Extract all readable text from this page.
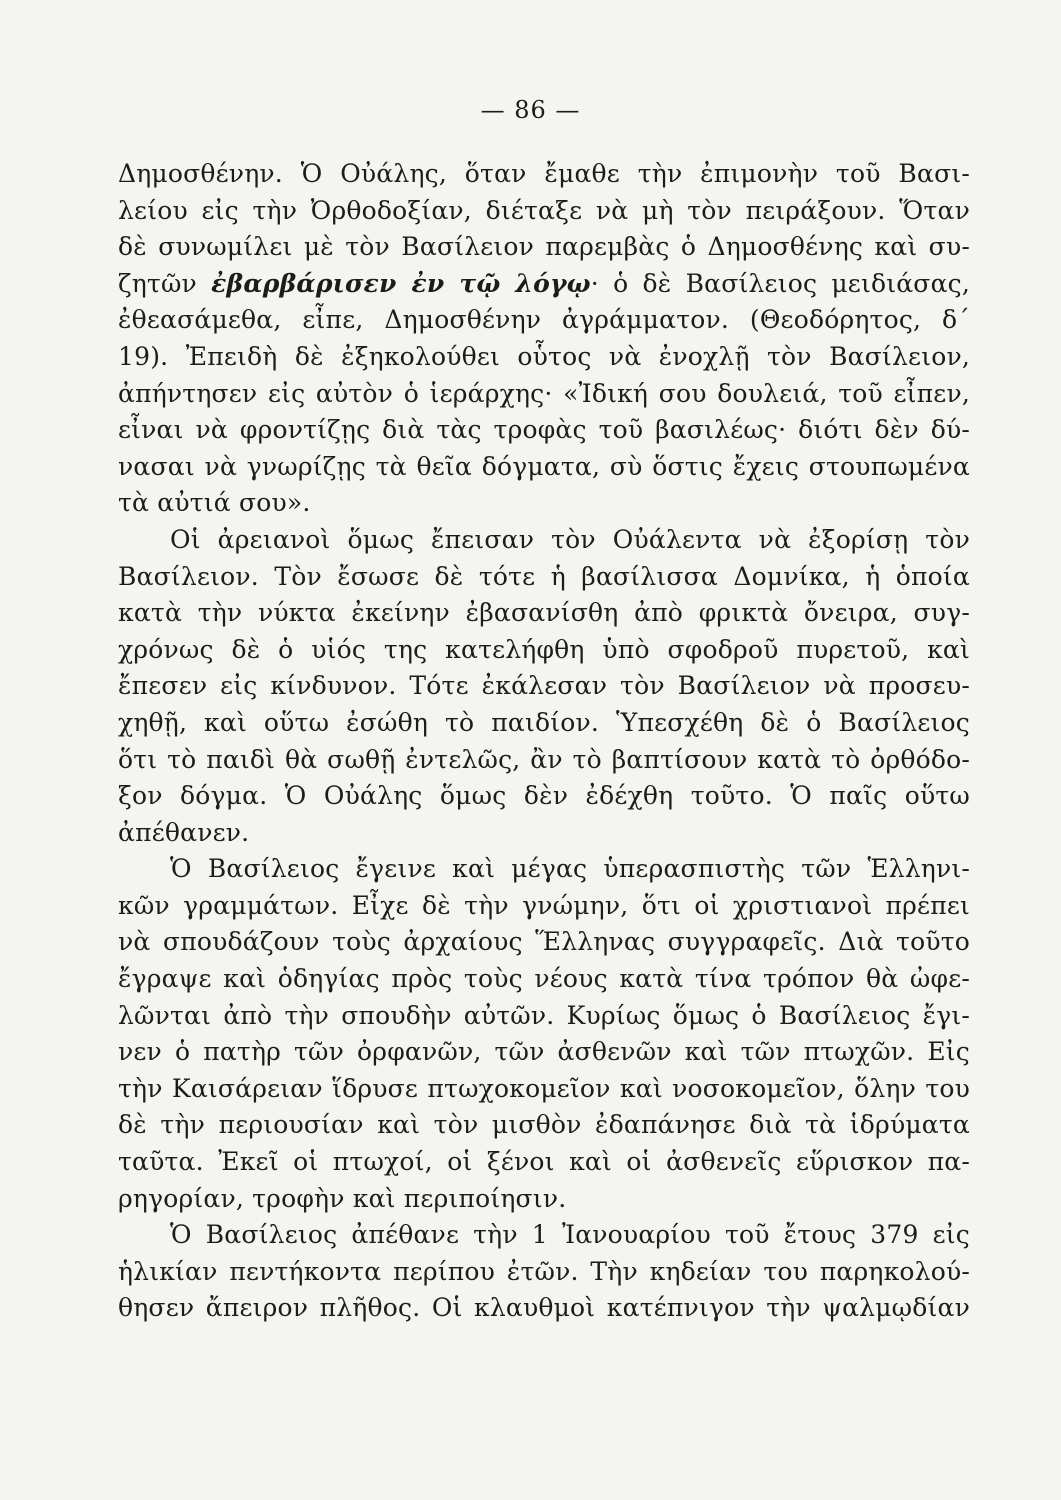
— 86 —
Δημοσθένην. Ὁ Οὐάλης, ὅταν ἔμαθε τὴν ἐπιμονὴν τοῦ Βασι-
λείου εἰς τὴν Ὀρθοδοξίαν, διέταξε νὰ μὴ τὸν πειράξουν. Ὅταν
δὲ συνωμίλει μὲ τὸν Βασίλειον παρεμβὰς ὁ Δημοσθένης καὶ συ-
ζητῶν ἐβαρβάρισεν ἐν τῷ λόγῳ· ὁ δὲ Βασίλειος μειδιάσας,
ἐθεασάμεθα, εἶπε, Δημοσθένην ἀγράμματον. (Θεοδόρητος, δ΄
19). Ἐπειδὴ δὲ ἐξηκολούθει οὗτος νὰ ἐνοχλῇ τὸν Βασίλειον,
ἀπήντησεν εἰς αὐτὸν ὁ ἱεράρχης· «Ἰδική σου δουλειά, τοῦ εἶπεν,
εἶναι νὰ φροντίζῃς διὰ τὰς τροφὰς τοῦ βασιλέως· διότι δὲν δύ-
νασαι νὰ γνωρίζῃς τὰ θεῖα δόγματα, σὺ ὅστις ἔχεις στουπωμένα
τὰ αὐτιά σου».
Οἱ ἀρειανοὶ ὅμως ἔπεισαν τὸν Οὐάλεντα νὰ ἐξορίσῃ τὸν
Βασίλειον. Τὸν ἔσωσε δὲ τότε ἡ βασίλισσα Δομνίκα, ἡ ὁποία
κατὰ τὴν νύκτα ἐκείνην ἐβασανίσθη ἀπὸ φρικτὰ ὄνειρα, συγ-
χρόνως δὲ ὁ υἱός της κατελήφθη ὑπὸ σφοδροῦ πυρετοῦ, καὶ
ἔπεσεν εἰς κίνδυνον. Τότε ἐκάλεσαν τὸν Βασίλειον νὰ προσευ-
χηθῇ, καὶ οὕτω ἐσώθη τὸ παιδίον. Ὑπεσχέθη δὲ ὁ Βασίλειος
ὅτι τὸ παιδὶ θὰ σωθῇ ἐντελῶς, ἂν τὸ βαπτίσουν κατὰ τὸ ὀρθόδο-
ξον δόγμα. Ὁ Οὐάλης ὅμως δὲν ἐδέχθη τοῦτο. Ὁ παῖς οὕτω
ἀπέθανεν.
Ὁ Βασίλειος ἔγεινε καὶ μέγας ὑπερασπιστὴς τῶν Ἑλληνι-
κῶν γραμμάτων. Εἶχε δὲ τὴν γνώμην, ὅτι οἱ χριστιανοὶ πρέπει
νὰ σπουδάζουν τοὺς ἀρχαίους Ἕλληνας συγγραφεῖς. Διὰ τοῦτο
ἔγραψε καὶ ὁδηγίας πρὸς τοὺς νέους κατὰ τίνα τρόπον θὰ ὠφε-
λῶνται ἀπὸ τὴν σπουδὴν αὐτῶν. Κυρίως ὅμως ὁ Βασίλειος ἔγι-
νεν ὁ πατὴρ τῶν ὀρφανῶν, τῶν ἀσθενῶν καὶ τῶν πτωχῶν. Εἰς
τὴν Καισάρειαν ἵδρυσε πτωχοκομεῖον καὶ νοσοκομεῖον, ὅλην του
δὲ τὴν περιουσίαν καὶ τὸν μισθὸν ἐδαπάνησε διὰ τὰ ἱδρύματα
ταῦτα. Ἐκεῖ οἱ πτωχοί, οἱ ξένοι καὶ οἱ ἀσθενεῖς εὕρισκον πα-
ρηγορίαν, τροφὴν καὶ περιποίησιν.
Ὁ Βασίλειος ἀπέθανε τὴν 1 Ἰανουαρίου τοῦ ἔτους 379 εἰς
ἡλικίαν πεντήκοντα περίπου ἐτῶν. Τὴν κηδείαν του παρηκολού-
θησεν ἄπειρον πλῆθος. Οἱ κλαυθμοὶ κατέπνιγον τὴν ψαλμῳδίαν
